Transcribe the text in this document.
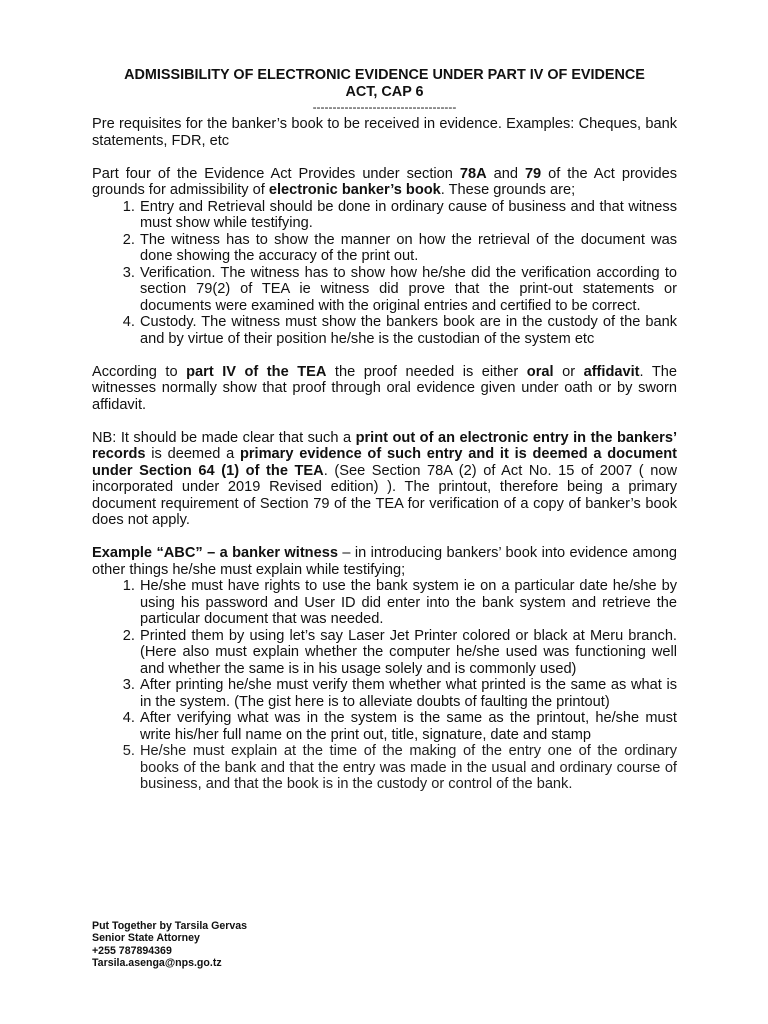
ADMISSIBILITY OF ELECTRONIC EVIDENCE UNDER PART IV OF EVIDENCE
ACT, CAP 6
------------------------------------

Pre requisites for the banker’s book to be received in evidence. Examples: Cheques, bank statements, FDR, etc

Part four of the Evidence Act Provides under section 78A and 79 of the Act provides grounds for admissibility of electronic banker’s book. These grounds are;

1. Entry and Retrieval should be done in ordinary cause of business and that witness must show while testifying.
2. The witness has to show the manner on how the retrieval of the document was done showing the accuracy of the print out.
3. Verification. The witness has to show how he/she did the verification according to section 79(2) of TEA ie witness did prove that the print-out statements or documents were examined with the original entries and certified to be correct.
4. Custody. The witness must show the bankers book are in the custody of the bank and by virtue of their position he/she is the custodian of the system etc

According to part IV of the TEA the proof needed is either oral or affidavit. The witnesses normally show that proof through oral evidence given under oath or by sworn affidavit.

NB: It should be made clear that such a print out of an electronic entry in the bankers’ records is deemed a primary evidence of such entry and it is deemed a document under Section 64 (1) of the TEA. (See Section 78A (2) of Act No. 15 of 2007 ( now incorporated under 2019 Revised edition) ). The printout, therefore being a primary document requirement of Section 79 of the TEA for verification of a copy of banker’s book does not apply.

Example “ABC” – a banker witness – in introducing bankers’ book into evidence among other things he/she must explain while testifying;

1. He/she must have rights to use the bank system ie on a particular date he/she by using his password and User ID did enter into the bank system and retrieve the particular document that was needed.
2. Printed them by using let’s say Laser Jet Printer colored or black at Meru branch. (Here also must explain whether the computer he/she used was functioning well and whether the same is in his usage solely and is commonly used)
3. After printing he/she must verify them whether what printed is the same as what is in the system. (The gist here is to alleviate doubts of faulting the printout)
4. After verifying what was in the system is the same as the printout, he/she must write his/her full name on the print out, title, signature, date and stamp
5. He/she must explain at the time of the making of the entry one of the ordinary books of the bank and that the entry was made in the usual and ordinary course of business, and that the book is in the custody or control of the bank.
Put Together by Tarsila Gervas
Senior State Attorney
+255 787894369
Tarsila.asenga@nps.go.tz
